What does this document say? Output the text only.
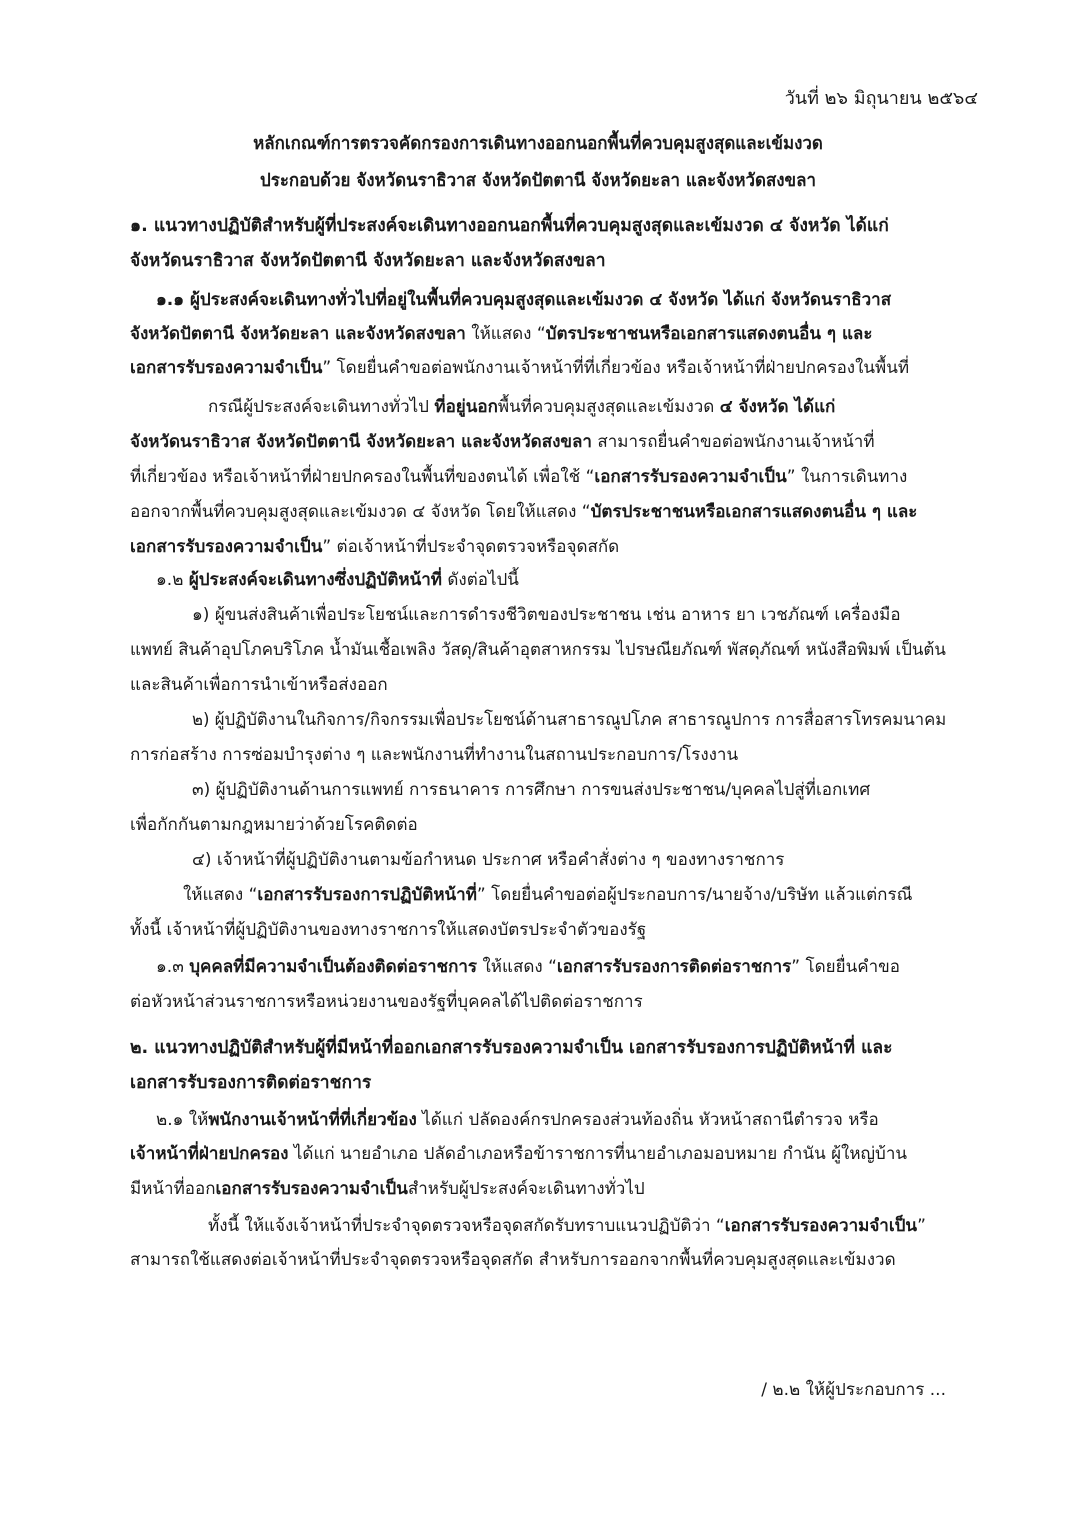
วันที่ ๒๖ มิถุนายน ๒๕๖๔
หลักเกณฑ์การตรวจคัดกรองการเดินทางออกนอกพื้นที่ควบคุมสูงสุดและเข้มงวด
ประกอบด้วย จังหวัดนราธิวาส จังหวัดปัตตานี จังหวัดยะลา และจังหวัดสงขลา
๑. แนวทางปฏิบัติสำหรับผู้ที่ประสงค์จะเดินทางออกนอกพื้นที่ควบคุมสูงสุดและเข้มงวด ๔ จังหวัด ได้แก่
จังหวัดนราธิวาส จังหวัดปัตตานี จังหวัดยะลา และจังหวัดสงขลา
๑.๑ ผู้ประสงค์จะเดินทางทั่วไปที่อยู่ในพื้นที่ควบคุมสูงสุดและเข้มงวด ๔ จังหวัด ได้แก่ จังหวัดนราธิวาส
จังหวัดปัตตานี จังหวัดยะลา และจังหวัดสงขลา ให้แสดง “บัตรประชาชนหรือเอกสารแสดงตนอื่น ๆ และ
เอกสารรับรองความจำเป็น” โดยยื่นคำขอต่อพนักงานเจ้าหน้าที่ที่เกี่ยวข้อง หรือเจ้าหน้าที่ฝ่ายปกครองในพื้นที่
กรณีผู้ประสงค์จะเดินทางทั่วไป ที่อยู่นอกพื้นที่ควบคุมสูงสุดและเข้มงวด ๔ จังหวัด ได้แก่
จังหวัดนราธิวาส จังหวัดปัตตานี จังหวัดยะลา และจังหวัดสงขลา สามารถยื่นคำขอต่อพนักงานเจ้าหน้าที่
ที่เกี่ยวข้อง หรือเจ้าหน้าที่ฝ่ายปกครองในพื้นที่ของตนได้ เพื่อใช้ “เอกสารรับรองความจำเป็น” ในการเดินทาง
ออกจากพื้นที่ควบคุมสูงสุดและเข้มงวด ๔ จังหวัด โดยให้แสดง “บัตรประชาชนหรือเอกสารแสดงตนอื่น ๆ และ
เอกสารรับรองความจำเป็น” ต่อเจ้าหน้าที่ประจำจุดตรวจหรือจุดสกัด
๑.๒ ผู้ประสงค์จะเดินทางซึ่งปฏิบัติหน้าที่ ดังต่อไปนี้
๑) ผู้ขนส่งสินค้าเพื่อประโยชน์และการดำรงชีวิตของประชาชน เช่น อาหาร ยา เวชภัณฑ์ เครื่องมือ
แพทย์ สินค้าอุปโภคบริโภค น้ำมันเชื้อเพลิง วัสดุ/สินค้าอุตสาหกรรม ไปรษณียภัณฑ์ พัสดุภัณฑ์ หนังสือพิมพ์ เป็นต้น
และสินค้าเพื่อการนำเข้าหรือส่งออก
๒) ผู้ปฏิบัติงานในกิจการ/กิจกรรมเพื่อประโยชน์ด้านสาธารณูปโภค สาธารณูปการ การสื่อสารโทรคมนาคม
การก่อสร้าง การซ่อมบำรุงต่าง ๆ และพนักงานที่ทำงานในสถานประกอบการ/โรงงาน
๓) ผู้ปฏิบัติงานด้านการแพทย์ การธนาคาร การศึกษา การขนส่งประชาชน/บุคคลไปสู่ที่เอกเทศ
เพื่อกักกันตามกฎหมายว่าด้วยโรคติดต่อ
๔) เจ้าหน้าที่ผู้ปฏิบัติงานตามข้อกำหนด ประกาศ หรือคำสั่งต่าง ๆ ของทางราชการ
ให้แสดง “เอกสารรับรองการปฏิบัติหน้าที่” โดยยื่นคำขอต่อผู้ประกอบการ/นายจ้าง/บริษัท แล้วแต่กรณี
ทั้งนี้ เจ้าหน้าที่ผู้ปฏิบัติงานของทางราชการให้แสดงบัตรประจำตัวของรัฐ
๑.๓ บุคคลที่มีความจำเป็นต้องติดต่อราชการ ให้แสดง “เอกสารรับรองการติดต่อราชการ” โดยยื่นคำขอ
ต่อหัวหน้าส่วนราชการหรือหน่วยงานของรัฐที่บุคคลได้ไปติดต่อราชการ
๒. แนวทางปฏิบัติสำหรับผู้ที่มีหน้าที่ออกเอกสารรับรองความจำเป็น เอกสารรับรองการปฏิบัติหน้าที่ และ
เอกสารรับรองการติดต่อราชการ
๒.๑ ให้พนักงานเจ้าหน้าที่ที่เกี่ยวข้อง ได้แก่ ปลัดองค์กรปกครองส่วนท้องถิ่น หัวหน้าสถานีตำรวจ หรือ
เจ้าหน้าที่ฝ่ายปกครอง ได้แก่ นายอำเภอ ปลัดอำเภอหรือข้าราชการที่นายอำเภอมอบหมาย กำนัน ผู้ใหญ่บ้าน
มีหน้าที่ออกเอกสารรับรองความจำเป็นสำหรับผู้ประสงค์จะเดินทางทั่วไป
ทั้งนี้ ให้แจ้งเจ้าหน้าที่ประจำจุดตรวจหรือจุดสกัดรับทราบแนวปฏิบัติว่า “เอกสารรับรองความจำเป็น”
สามารถใช้แสดงต่อเจ้าหน้าที่ประจำจุดตรวจหรือจุดสกัด สำหรับการออกจากพื้นที่ควบคุมสูงสุดและเข้มงวด
/ ๒.๒ ให้ผู้ประกอบการ ...
